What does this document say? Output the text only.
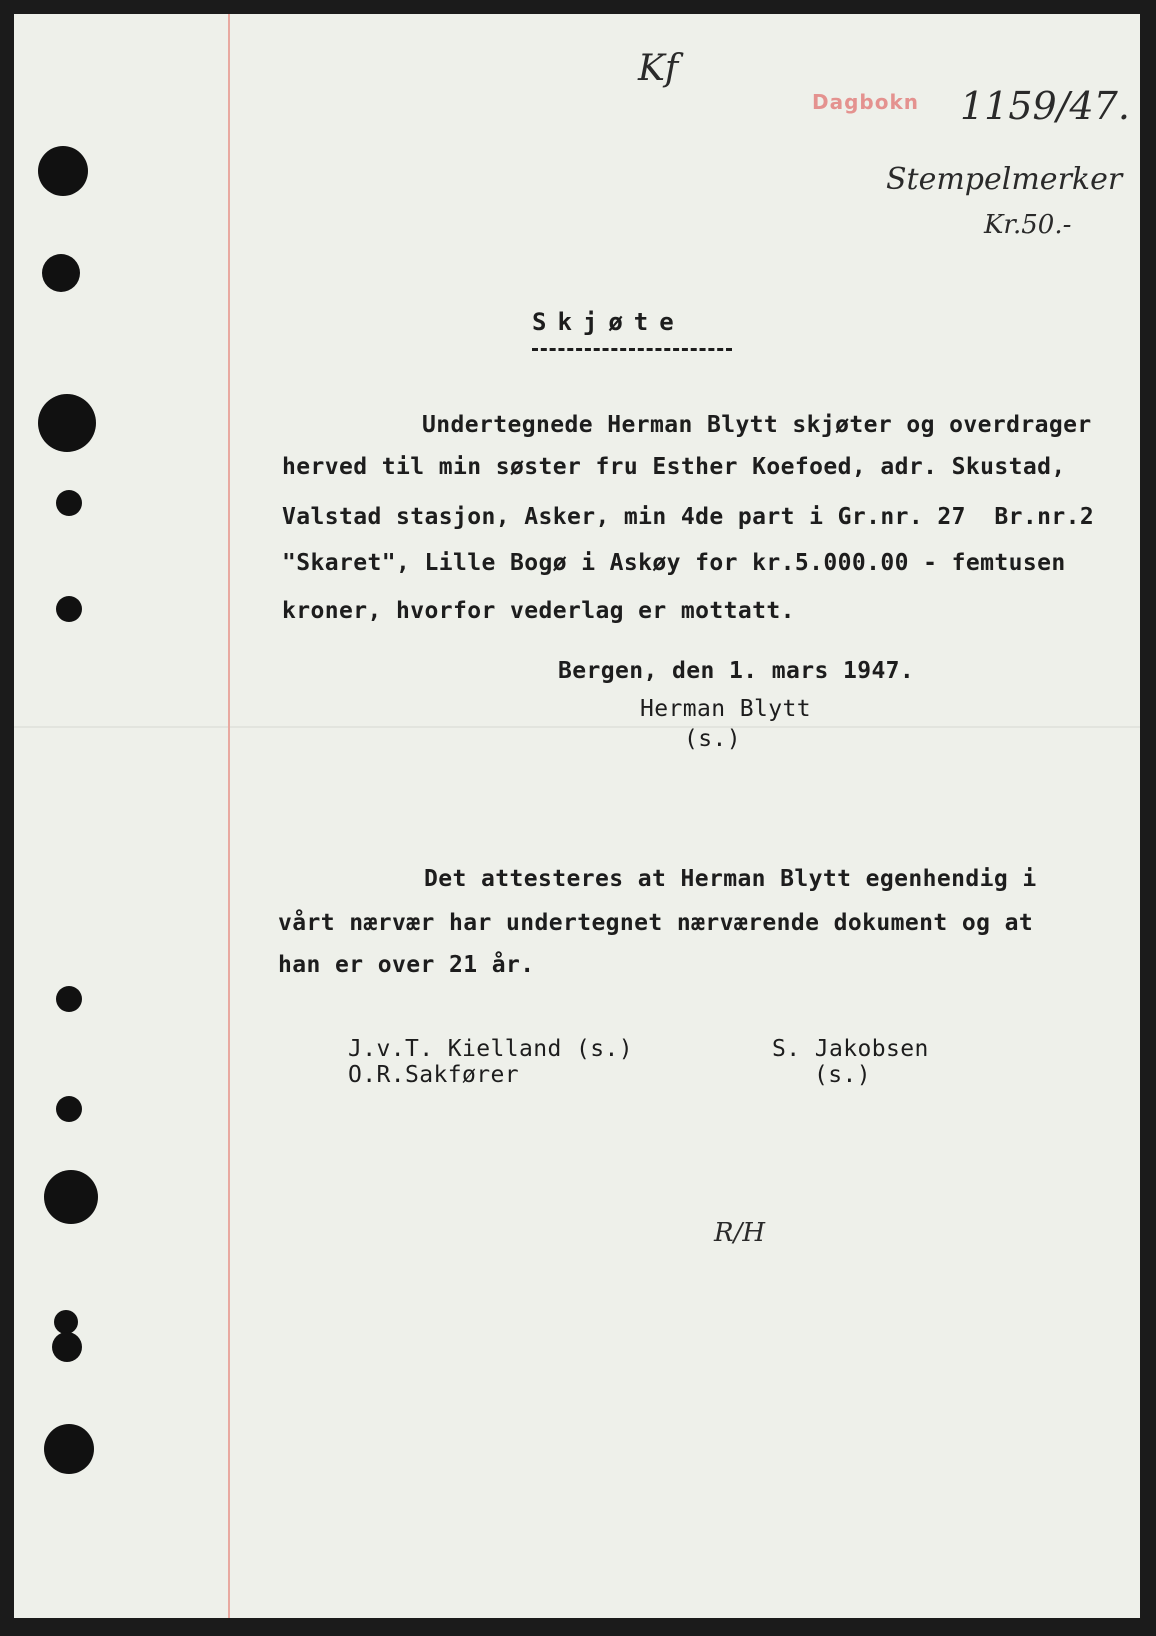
Kf
Dagbokn 1159/47.
Stempelmerker
Kr.50.-
Skjøte
Undertegnede Herman Blytt skjøter og overdrager
herved til min søster fru Esther Koefoed, adr. Skustad,
Valstad stasjon, Asker, min 4de part i Gr.nr. 27  Br.nr.2
"Skaret", Lille Bogø i Askøy for kr.5.000.00 - femtusen
kroner, hvorfor vederlag er mottatt.
Bergen, den 1. mars 1947.
Herman Blytt
(s.)
Det attesteres at Herman Blytt egenhendig i
vårt nærvær har undertegnet nærværende dokument og at
han er over 21 år.
J.v.T. Kielland (s.)
O.R.Sakfører
S. Jakobsen
(s.)
R/H
